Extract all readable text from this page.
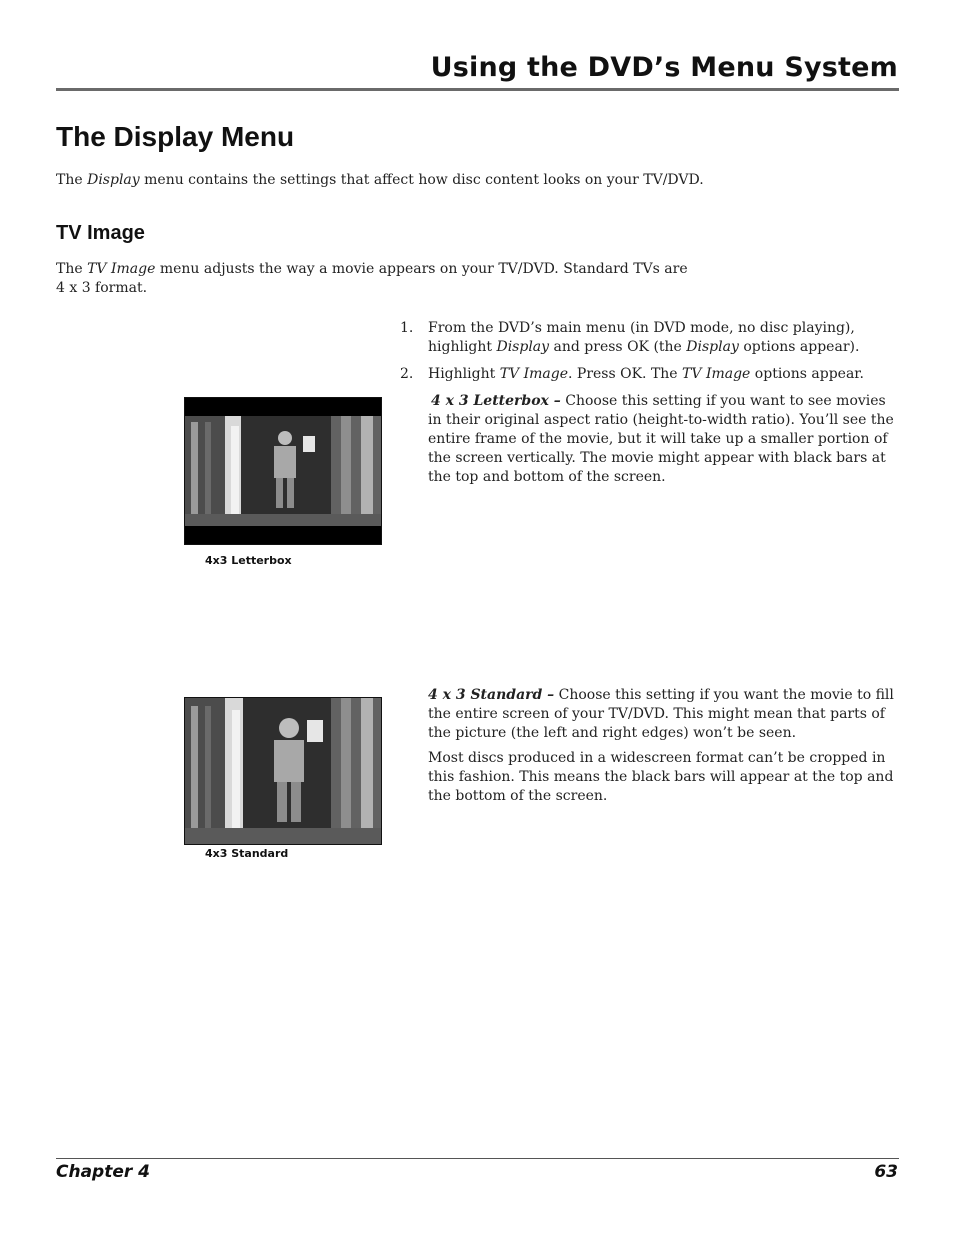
Using the DVD’s Menu System
The Display Menu

The Display menu contains the settings that affect how disc content looks on your TV/DVD.

TV Image

The TV Image menu adjusts the way a movie appears on your TV/DVD. Standard TVs are
4 x 3 format.

1.	From the DVD’s main menu (in DVD mode, no disc playing),
highlight Display and press OK (the Display options appear).
2.	Highlight TV Image. Press OK. The TV Image options appear.

4 x 3 Letterbox – Choose this setting if you want to see movies in their original aspect ratio (height-to-width ratio). You’ll see the entire frame of the movie, but it will take up a smaller portion of the screen vertically. The movie might appear with black bars at the top and bottom of the screen.

4x3 Letterbox

4 x 3 Standard – Choose this setting if you want the movie to fill the entire screen of your TV/DVD. This might mean that parts of the picture (the left and right edges) won’t be seen.

Most discs produced in a widescreen format can’t be cropped in this fashion. This means the black bars will appear at the top and the bottom of the screen.

4x3 Standard
Chapter 4	63
